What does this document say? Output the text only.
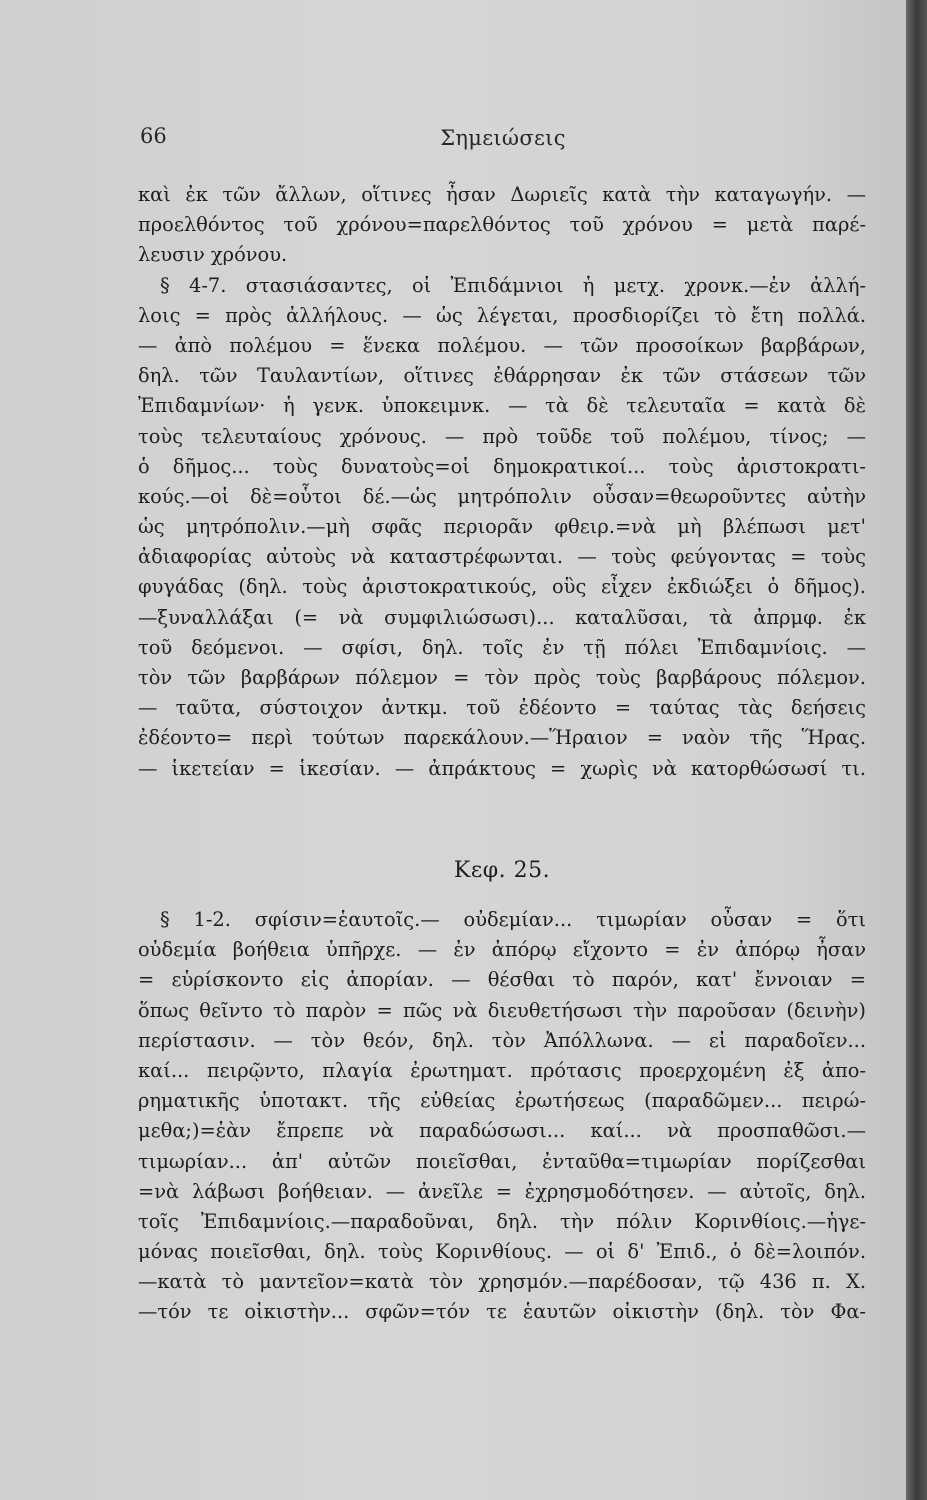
66	Σημειώσεις
καὶ ἐκ τῶν ἄλλων, οἵτινες ἦσαν Δωριεῖς κατὰ τὴν καταγωγήν. —
προελθόντος τοῦ χρόνου=παρελθόντος τοῦ χρόνου = μετὰ παρέ-
λευσιν χρόνου.
§ 4-7. στασιάσαντες, οἱ Ἐπιδάμνιοι ἡ μετχ. χρονκ.—ἐν ἀλλή-
λοις = πρὸς ἀλλήλους. — ὡς λέγεται, προσδιορίζει τὸ ἔτη πολλά.
— ἀπὸ πολέμου = ἕνεκα πολέμου. — τῶν προσοίκων βαρβάρων,
δηλ. τῶν Ταυλαντίων, οἵτινες ἐθάρρησαν ἐκ τῶν στάσεων τῶν
Ἐπιδαμνίων· ἡ γενκ. ὑποκειμνκ. — τὰ δὲ τελευταῖα = κατὰ δὲ
τοὺς τελευταίους χρόνους. — πρὸ τοῦδε τοῦ πολέμου, τίνος; —
ὁ δῆμος... τοὺς δυνατοὺς=οἱ δημοκρατικοί... τοὺς ἀριστοκρατι-
κούς.—οἱ δὲ=οὗτοι δέ.—ὡς μητρόπολιν οὖσαν=θεωροῦντες αὐτὴν
ὡς μητρόπολιν.—μὴ σφᾶς περιορᾶν φθειρ.=νὰ μὴ βλέπωσι μετ'
ἀδιαφορίας αὐτοὺς νὰ καταστρέφωνται. — τοὺς φεύγοντας = τοὺς
φυγάδας (δηλ. τοὺς ἀριστοκρατικούς, οὓς εἶχεν ἐκδιώξει ὁ δῆμος).
—ξυναλλάξαι (= νὰ συμφιλιώσωσι)... καταλῦσαι, τὰ ἀπρμφ. ἐκ
τοῦ δεόμενοι. — σφίσι, δηλ. τοῖς ἐν τῇ πόλει Ἐπιδαμνίοις. —
τὸν τῶν βαρβάρων πόλεμον = τὸν πρὸς τοὺς βαρβάρους πόλεμον.
— ταῦτα, σύστοιχον ἀντκμ. τοῦ ἐδέοντο = ταύτας τὰς δεήσεις
ἐδέοντο= περὶ τούτων παρεκάλουν.—Ἥραιον = ναὸν τῆς Ἥρας.
— ἱκετείαν = ἱκεσίαν. — ἀπράκτους = χωρὶς νὰ κατορθώσωσί τι.
Κεφ. 25.
§ 1-2. σφίσιν=ἑαυτοῖς.— οὐδεμίαν... τιμωρίαν οὖσαν = ὅτι
οὐδεμία βοήθεια ὑπῆρχε. — ἐν ἀπόρῳ εἴχοντο = ἐν ἀπόρῳ ἦσαν
= εὑρίσκοντο εἰς ἀπορίαν. — θέσθαι τὸ παρόν, κατ' ἔννοιαν =
ὅπως θεῖντο τὸ παρὸν = πῶς νὰ διευθετήσωσι τὴν παροῦσαν (δεινὴν)
περίστασιν. — τὸν θεόν, δηλ. τὸν Ἀπόλλωνα. — εἰ παραδοῖεν...
καί... πειρῷντο, πλαγία ἐρωτηματ. πρότασις προερχομένη ἐξ ἀπο-
ρηματικῆς ὑποτακτ. τῆς εὐθείας ἐρωτήσεως (παραδῶμεν... πειρώ-
μεθα;)=ἐὰν ἔπρεπε νὰ παραδώσωσι... καί... νὰ προσπαθῶσι.—
τιμωρίαν... ἀπ' αὐτῶν ποιεῖσθαι, ἐνταῦθα=τιμωρίαν πορίζεσθαι
=νὰ λάβωσι βοήθειαν. — ἀνεῖλε = ἐχρησμοδότησεν. — αὐτοῖς, δηλ.
τοῖς Ἐπιδαμνίοις.—παραδοῦναι, δηλ. τὴν πόλιν Κορινθίοις.—ἡγε-
μόνας ποιεῖσθαι, δηλ. τοὺς Κορινθίους. — οἱ δ' Ἐπιδ., ὁ δὲ=λοιπόν.
—κατὰ τὸ μαντεῖον=κατὰ τὸν χρησμόν.—παρέδοσαν, τῷ 436 π. Χ.
—τόν τε οἰκιστὴν... σφῶν=τόν τε ἑαυτῶν οἰκιστὴν (δηλ. τὸν Φα-
